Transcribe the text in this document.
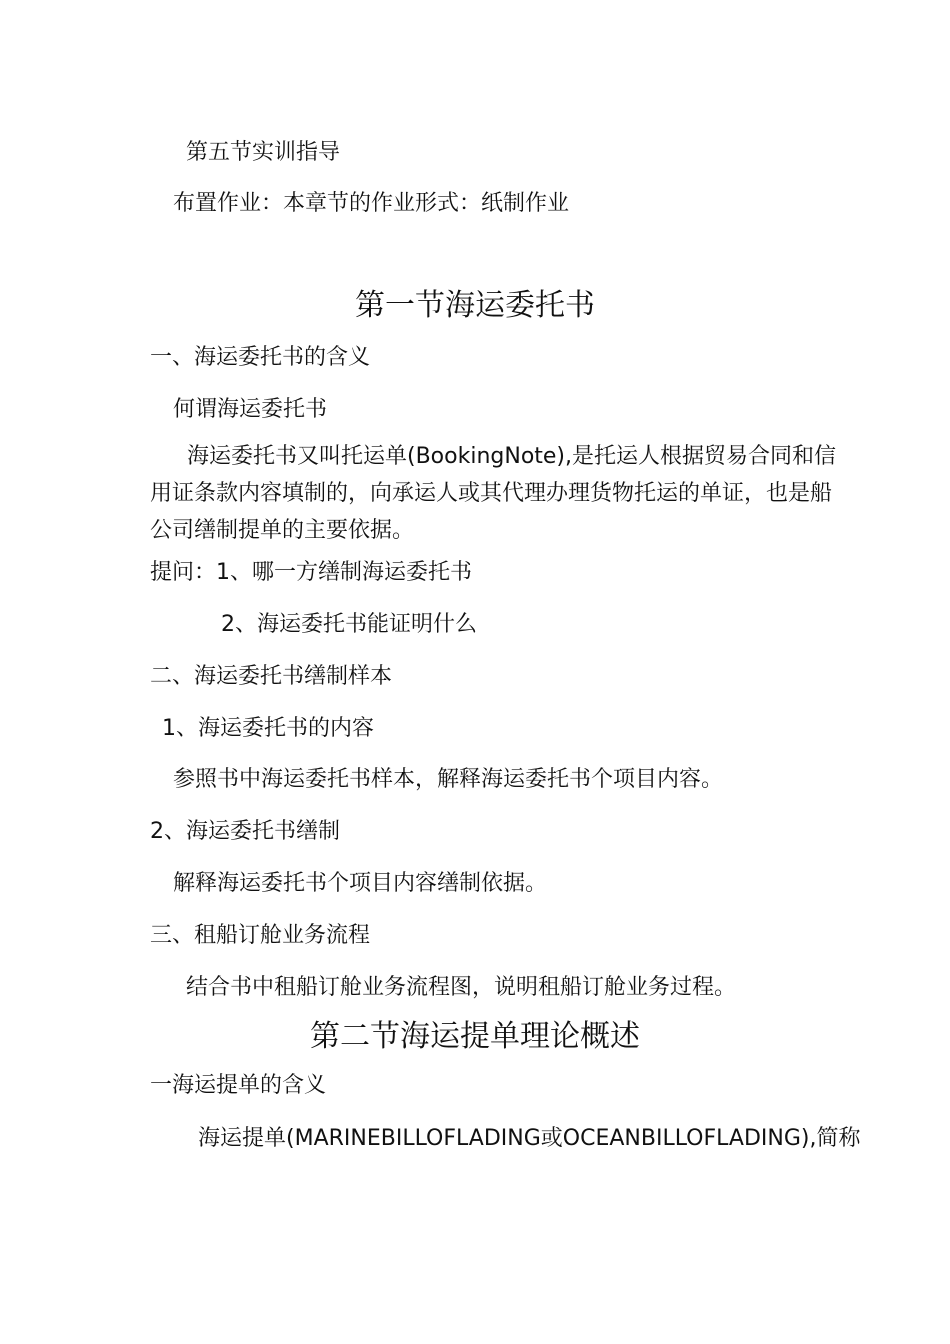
第五节实训指导
布置作业：本章节的作业形式：纸制作业
第一节海运委托书
一、海运委托书的含义
何谓海运委托书
海运委托书又叫托运单(BookingNote),是托运人根据贸易合同和信用证条款内容填制的，向承运人或其代理办理货物托运的单证，也是船公司缮制提单的主要依据。
提问：1、哪一方缮制海运委托书
2、海运委托书能证明什么
二、海运委托书缮制样本
1、海运委托书的内容
参照书中海运委托书样本，解释海运委托书个项目内容。
2、海运委托书缮制
解释海运委托书个项目内容缮制依据。
三、租船订舱业务流程
结合书中租船订舱业务流程图，说明租船订舱业务过程。
第二节海运提单理论概述
一海运提单的含义
海运提单(MARINEBILLOFLADING或OCEANBILLOFLADING),简称
